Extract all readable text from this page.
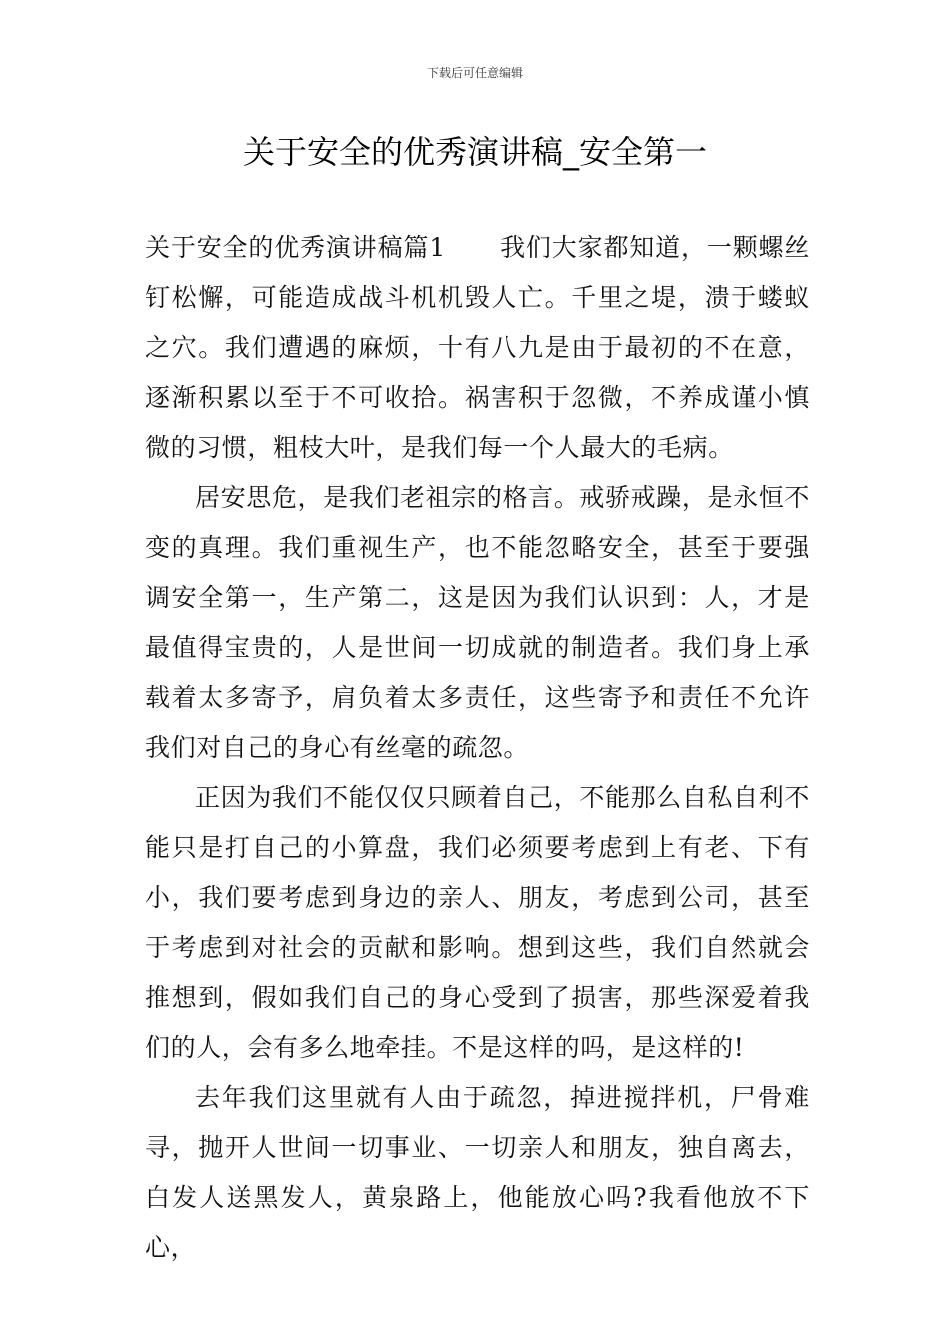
下载后可任意编辑
关于安全的优秀演讲稿_安全第一

关于安全的优秀演讲稿篇1 我们大家都知道，一颗螺丝钉松懈，可能造成战斗机机毁人亡。千里之堤，溃于蝼蚁之穴。我们遭遇的麻烦，十有八九是由于最初的不在意，逐渐积累以至于不可收拾。祸害积于忽微，不养成谨小慎微的习惯，粗枝大叶，是我们每一个人最大的毛病。

居安思危，是我们老祖宗的格言。戒骄戒躁，是永恒不变的真理。我们重视生产，也不能忽略安全，甚至于要强调安全第一，生产第二，这是因为我们认识到：人，才是最值得宝贵的，人是世间一切成就的制造者。我们身上承载着太多寄予，肩负着太多责任，这些寄予和责任不允许我们对自己的身心有丝毫的疏忽。

正因为我们不能仅仅只顾着自己，不能那么自私自利不能只是打自己的小算盘，我们必须要考虑到上有老、下有小，我们要考虑到身边的亲人、朋友，考虑到公司，甚至于考虑到对社会的贡献和影响。想到这些，我们自然就会推想到，假如我们自己的身心受到了损害，那些深爱着我们的人，会有多么地牵挂。不是这样的吗，是这样的!

去年我们这里就有人由于疏忽，掉进搅拌机，尸骨难寻，抛开人世间一切事业、一切亲人和朋友，独自离去，白发人送黑发人，黄泉路上，他能放心吗?我看他放不下心，
